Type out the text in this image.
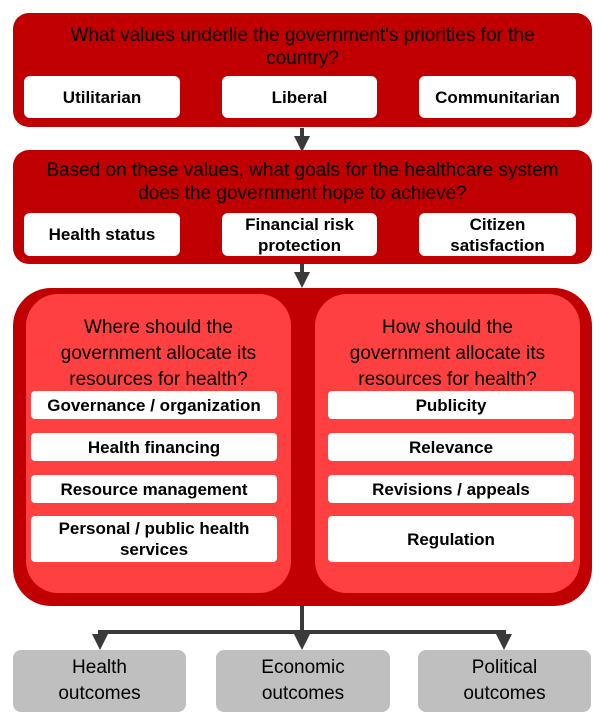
What values underlie the government's priorities for the country?
Utilitarian	Liberal	Communitarian
Based on these values, what goals for the healthcare system does the government hope to achieve?
Health status
Financial risk protection
Citizen satisfaction
Where should the government allocate its resources for health?
Governance / organization
Health financing
Resource management
Personal / public health services
How should the government allocate its resources for health?
Publicity
Relevance
Revisions / appeals
Regulation
Health outcomes
Economic outcomes
Political outcomes
